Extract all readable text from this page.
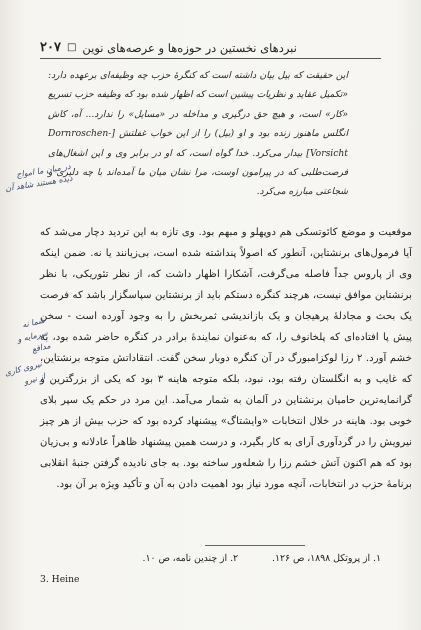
۲۰۷ □ نبردهای نخستین در حوزه‌ها و عرصه‌های نوین
این حقیقت که بیل بیان داشته است که کنگرهٔ حزب چه وظیفه‌ای برعهده دارد: «تکمیل عقاید و نظریات پیشین است که اظهار شده بود که وظیفه حزب تسریع «کار» است، و هیچ حق درگیری و مداخله در «مسایل» را ندارد... آه، کاش انگلس ماهنوز زنده بود و او (بیل) را از این خواب غفلتش [Dornroschen-Vorsicht] بیدار می‌کرد. خدا گواه است، که او در برابر وی و این اشغال‌های فرصت‌طلبی که در پیرامون اوست، مرا نشان میان ما آمده‌اند با چه دلیری و شجاعتی مبارزه می‌کرد.
در میان ما امواج دیده هستند شاهد آن
موقعیت و موضع کائوتسکی هم دوپهلو و مبهم بود. وی تازه به این تردید دچار می‌شد که آیا فرمول‌های برنشتاین، آنطور که اصولاً پنداشته شده است، بی‌زیانند یا نه. ضمن اینکه وی از پاروس جداً فاصله می‌گرفت، آشکارا اظهار داشت که، از نظر تئوریکی، با نظر برنشتاین موافق نیست، هرچند کنگره دستکم باید از برنشتاین سپاسگزار باشد که فرصت یک بحث و مجادلهٔ پرهیجان و یک بازاندیشی ثمربخش را به وجود آورده است - سخن پیش پا افتاده‌ای که پلخانوف را، که به‌عنوان نمایندهٔ برادر در کنگره حاضر شده بود، به خشم آورد. ۲ رزا لوکزامبورگ در آن کنگره دوبار سخن گفت. انتقاداتش متوجه برنشتاین، که غایب و به انگلستان رفته بود، نبود، بلکه متوجه هاینه ۳ بود که یکی از بزرگترین و گرانمایه‌ترین حامیان برنشتاین در آلمان به شمار می‌آمد. این مرد در حکم یک سپر بلای خوبی بود. هاینه در خلال انتخابات «وایشتاگ» پیشنهاد کرده بود که حزب بیش از هر چیز نیرویش را در گردآوری آرای به کار بگیرد، و درست همین پیشنهاد ظاهراً عادلانه و بی‌زیان بود که هم اکنون آتش خشم رزا را شعله‌ور ساخته بود. به جای نادیده گرفتن جنبهٔ انقلابی برنامهٔ حزب در انتخابات، آنچه مورد نیاز بود اهمیت دادن به آن و تأکید ویژه بر آن بود.
شما نه سرمایه و مدافع
نیروی کاری از نیرو
۱. از پروتکل ۱۸۹۸، ص ۱۲۶.
۲. از چندین نامه، ص ۱۰.
3. Heine
